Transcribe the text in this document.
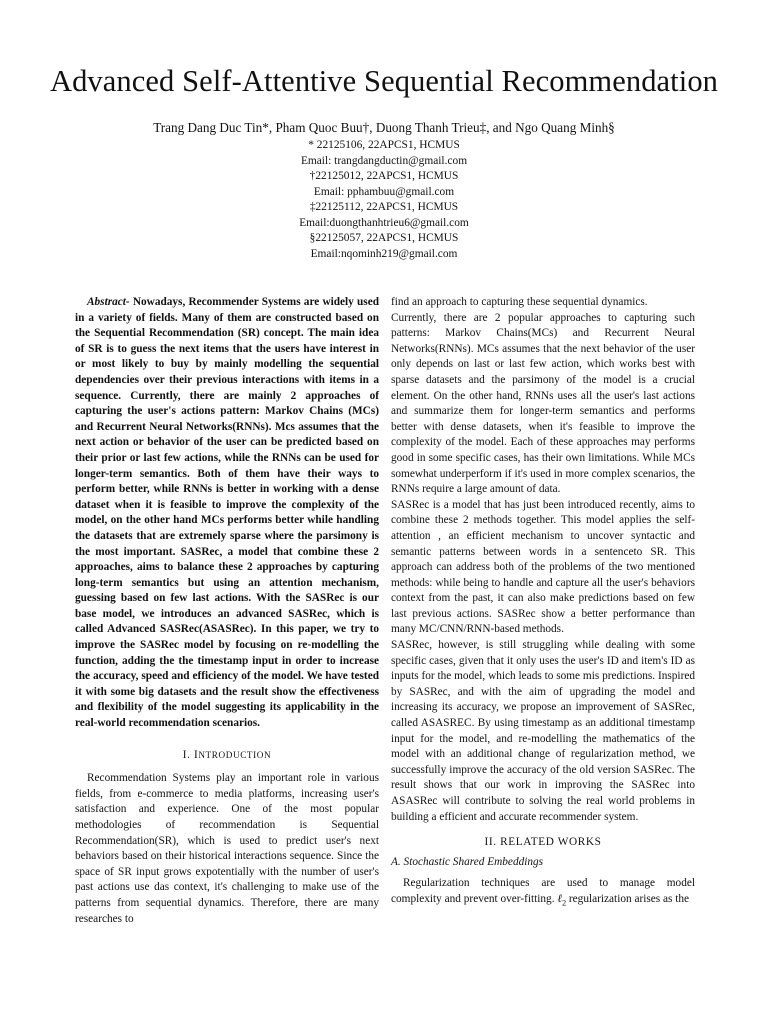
Advanced Self-Attentive Sequential Recommendation
Trang Dang Duc Tin*, Pham Quoc Buu†, Duong Thanh Trieu‡, and Ngo Quang Minh§
* 22125106, 22APCS1, HCMUS
Email: trangdangductin@gmail.com
†22125012, 22APCS1, HCMUS
Email: pphambuu@gmail.com
‡22125112, 22APCS1, HCMUS
Email:duongthanhtrieu6@gmail.com
§22125057, 22APCS1, HCMUS
Email:nqominh219@gmail.com

Abstract- Nowadays, Recommender Systems are widely used in a variety of fields. Many of them are constructed based on the Sequential Recommendation (SR) concept. The main idea of SR is to guess the next items that the users have interest in or most likely to buy by mainly modelling the sequential dependencies over their previous interactions with items in a sequence. Currently, there are mainly 2 approaches of capturing the user's actions pattern: Markov Chains (MCs) and Recurrent Neural Networks(RNNs). Mcs assumes that the next action or behavior of the user can be predicted based on their prior or last few actions, while the RNNs can be used for longer-term semantics. Both of them have their ways to perform better, while RNNs is better in working with a dense dataset when it is feasible to improve the complexity of the model, on the other hand MCs performs better while handling the datasets that are extremely sparse where the parsimony is the most important. SASRec, a model that combine these 2 approaches, aims to balance these 2 approaches by capturing long-term semantics but using an attention mechanism, guessing based on few last actions. With the SASRec is our base model, we introduces an advanced SASRec, which is called Advanced SASRec(ASASRec). In this paper, we try to improve the SASRec model by focusing on re-modelling the function, adding the the timestamp input in order to increase the accuracy, speed and efficiency of the model. We have tested it with some big datasets and the result show the effectiveness and flexibility of the model suggesting its applicability in the real-world recommendation scenarios.

I. INTRODUCTION

Recommendation Systems play an important role in various fields, from e-commerce to media platforms, increasing user's satisfaction and experience. One of the most popular methodologies of recommendation is Sequential Recommendation(SR), which is used to predict user's next behaviors based on their historical interactions sequence. Since the space of SR input grows expotentially with the number of user's past actions use das context, it's challenging to make use of the patterns from sequential dynamics. Therefore, there are many researches to

find an approach to capturing these sequential dynamics.

Currently, there are 2 popular approaches to capturing such patterns: Markov Chains(MCs) and Recurrent Neural Networks(RNNs). MCs assumes that the next behavior of the user only depends on last or last few action, which works best with sparse datasets and the parsimony of the model is a crucial element. On the other hand, RNNs uses all the user's last actions and summarize them for longer-term semantics and performs better with dense datasets, when it's feasible to improve the complexity of the model. Each of these approaches may performs good in some specific cases, has their own limitations. While MCs somewhat underperform if it's used in more complex scenarios, the RNNs require a large amount of data.

SASRec is a model that has just been introduced recently, aims to combine these 2 methods together. This model applies the self-attention , an efficient mechanism to uncover syntactic and semantic patterns between words in a sentenceto SR. This approach can address both of the problems of the two mentioned methods: while being to handle and capture all the user's behaviors context from the past, it can also make predictions based on few last previous actions. SASRec show a better performance than many MC/CNN/RNN-based methods.

SASRec, however, is still struggling while dealing with some specific cases, given that it only uses the user's ID and item's ID as inputs for the model, which leads to some mis predictions. Inspired by SASRec, and with the aim of upgrading the model and increasing its accuracy, we propose an improvement of SASRec, called ASASREC. By using timestamp as an additional timestamp input for the model, and re-modelling the mathematics of the model with an additional change of regularization method, we successfully improve the accuracy of the old version SASRec. The result shows that our work in improving the SASRec into ASASRec will contribute to solving the real world problems in building a efficient and accurate recommender system.

II. RELATED WORKS
A. Stochastic Shared Embeddings

Regularization techniques are used to manage model complexity and prevent over-fitting. ℓ$_2$ regularization arises as the
